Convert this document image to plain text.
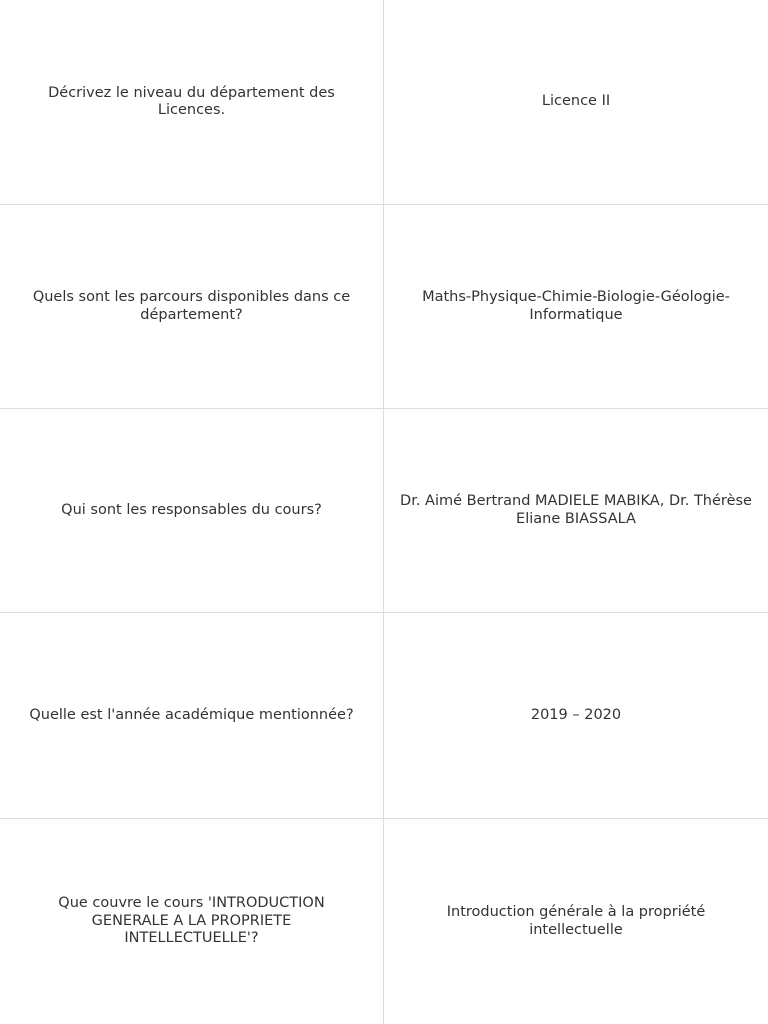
Décrivez le niveau du département des Licences.
Licence II
Quels sont les parcours disponibles dans ce département?
Maths-Physique-Chimie-Biologie-Géologie-Informatique
Qui sont les responsables du cours?
Dr. Aimé Bertrand MADIELE MABIKA, Dr. Thérèse Eliane BIASSALA
Quelle est l'année académique mentionnée?	2019 – 2020
Que couvre le cours 'INTRODUCTION GENERALE A LA PROPRIETE INTELLECTUELLE'?
Introduction générale à la propriété intellectuelle
